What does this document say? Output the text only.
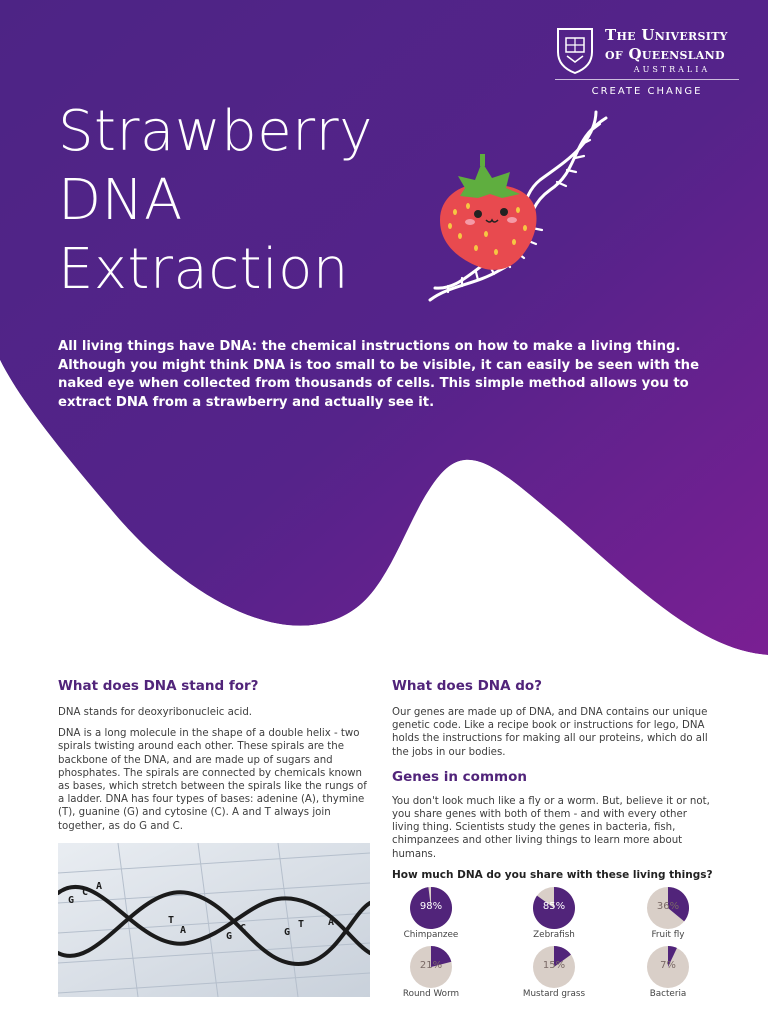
The University
of Queensland
AUSTRALIA
CREATE CHANGE
Strawberry
DNA
Extraction
All living things have DNA: the chemical instructions on how to make a living thing. Although you might think DNA is too small to be visible, it can easily be seen with the naked eye when collected from thousands of cells. This simple method allows you to extract DNA from a strawberry and actually see it.
What does DNA stand for?
DNA stands for deoxyribonucleic acid.
DNA is a long molecule in the shape of a double helix - two spirals twisting around each other. These spirals are the backbone of the DNA, and are made up of sugars and phosphates. The spirals are connected by chemicals known as bases, which stretch between the spirals like the rungs of a ladder. DNA has four types of bases: adenine (A), thymine (T), guanine (G) and cytosine (C). A and T always join together, as do G and C.
G
C
A
T
A
G
C	G
T A
What does DNA do?
Our genes are made up of DNA, and DNA contains our unique genetic code. Like a recipe book or instructions for lego, DNA holds the instructions for making all our proteins, which do all the jobs in our bodies.
Genes in common
You don't look much like a fly or a worm. But, believe it or not, you share genes with both of them - and with every other living thing. Scientists study the genes in bacteria, fish, chimpanzees and other living things to learn more about humans.
How much DNA do you share with these living things?
98%
Chimpanzee
85%
Zebrafish
36%
Fruit fly
21%
Round Worm
15%
Mustard grass
7%
Bacteria
